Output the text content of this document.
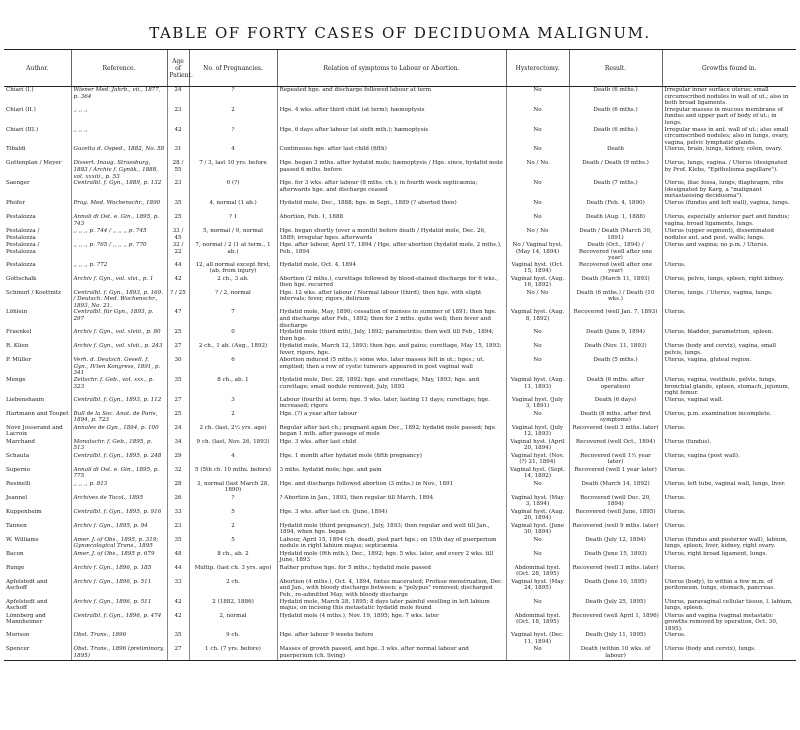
TABLE OF FORTY CASES OF DECIDUOMA MALIGNUM.
Author.	Reference.	Age of Patient.	No. of Pregnancies.	Relation of symptoms to Labour or Abortion.	Hysterectomy.	Result.	Growths found in.
Chiari (I.)	Wiener Med. Jahrb., vii., 1877, p. 364	24	?	Repeated hge. and discharge followed labour at term	No	Death (6 mths.)	Irregular inner surface uterus; small circumscribed nodules in wall of ut.; also in both broad ligaments.
Chiari (II.)	,, ,, ,,	23	2	Hge. 4 wks. after third child (at term); hæmoptysis	No	Death (6 mths.)	Irregular masses in mucous membrane of fundus and upper part of body of ut.; in lungs.
Chiari (III.)	,, ,, ,,	42	?	Hge. 6 days after labour (at sixth mth.); hæmoptysis	No	Death (6 mths.)	Irregular mass in ant. wall of ut.; also small circumscribed nodules; also in lungs, ovary, vagina, pelvic lymphatic glands.
Tibaldi	Gazetta d. Osped., 1882, No. 58	31	4	Continuous hge. after last child (fifth)	No	Death	Uterus, brain, lungs, kidney, colon, ovary.
Guttenplan / Meyer	Dissert. Inaug. Strassburg, 1883 / Archiv f. Gynäk., 1888, vol. xxxiii., p. 53	28 / 55	7 / 3, last 10 yrs. before	Hge. began 3 mths. after hydatid mole; hæmoptysis / Hge. since, hydatid mole passed 6 mths. before	No / No	Death / Death (9 mths.)	Uterus, lungs, vagina. / Uterus (designated by Prof. Klebs, "Epithelioma papillare").
Saenger	Centralbl. f. Gyn., 1889, p. 132	23	0 (?)	Hge. for 3 wks. after labour (8 mths. ch.); in fourth week septicæmia; afterwards hge. and discharge ceased	No	Death (7 mths.)	Uterus, iliac fossa, lungs, diaphragm, ribs (designated by Karg, a "malignant metastasising deciduoma").
Pfeifer	Prag. Med. Wochenschr., 1890	35	4, normal (1 ab.)	Hydatid mole, Dec., 1888; hge. in Sept., 1889 (? aborted then)	No	Death (Feb. 4, 1890)	Uterus (fundus and left wall), vagina, lungs.
Pestalozza	Annali di Ost. e. Gin., 1895, p. 743	25	? 1	Abortion, Feb. 1, 1888	No	Death (Aug. 1, 1888)	Uterus, especially anterior part and fundus; vagina, broad ligaments, lungs.
Pestalozza / Pestalozza	,, ,, ,, p. 744 / ,, ,, ,, p. 745	33 / 45	5, normal / 0, normal	Hge. began shortly (over a month) before death / Hydatid mole, Dec. 26, 1889; irregular hges. afterwards	No / No	Death / Death (March 30, 1891)	Uterus (upper segment), disseminated nodules ant. and post. walls; lungs.
Pestalozza / Pestalozza	,, ,, ,, p. 765 / ,, ,, ,, p. 770	32 / 22	7, normal / 2 (1 at term., 1 ab.)	Hge. after labour, April 17, 1894 / Hge. after abortion (hydatid mole, 2 mths.), Feb., 1894	No / Vaginal hyst. (May 14, 1894)	Death (Oct., 1894) / Recovered (well after one year)	Uterus and vagina; no p.m. / Uterus.
Pestalozza	,, ,, ,, p. 772	44	12, all normal except first, (ab. from injury)	Hydatid mole, Oct. 4, 1894	Vaginal hyst. (Oct. 15, 1894)	Recovered (well after one year)	Uterus.
Gottschalk	Archiv f. Gyn., vol. xlvi., p. 1	42	2 ch., 3 ab.	Abortion (2 mths.), curettage followed by blood-stained discharge for 6 wks., then hge. recurred	Vaginal hyst. (Aug. 16, 1892)	Death (March 11, 1893)	Uterus, pelvis, lungs, spleen, right kidney.
Schmorl / Koettnitz	Centralbl. f. Gyn., 1893, p. 169. / Deutsch. Med. Wochenschr., 1893, No. 21.	? / 25	? / 2, normal	Hge. 12 wks. after labour / Normal labour (third), then hge. with slight intervals; fever, rigors, delirium	No / No	Death (6 mths.) / Death (10 wks.)	Uterus, lungs. / Uterus, vagina, lungs.
Löhlein	Centralbl. für Gyn., 1893, p. 297	47	7	Hydatid mole, May, 1890; cessation of menses in summer of 1891; then hge. and discharge after Feb., 1892; then for 2 mths. quite well; then fever and discharge	Vaginal hyst. (Aug. 8, 1892)	Recovered (well Jan. 7, 1893)	Uterus.
Fraenkel	Archiv f. Gyn., vol. xlviii., p. 80	25	0	Hydatid mole (third mth), July, 1892; parametritis; then well till Feb., 1894; then hge.	No	Death (June 9, 1894)	Uterus, bladder, parametrium, spleen.
R. Klien	Archiv f. Gyn., vol. xlvii., p. 243	27	2 ch., 1 ab. (Aug., 1892)	Hydatid mole, March 12, 1893; then hge. and pains; curettage, May 15, 1893; fever, rigors, hge.	No	Death (Nov. 11, 1893)	Uterus (body and cervix), vagina, small pelvis, lungs.
P. Müller	Verh. d. Deutsch. Gesell. f. Gyn., IVten Kongress, 1891, p. 341	30	6	Abortion induced (5 mths.); some wks. later masses felt in ut.; hges.; ut. emptied; then a row of cystic tumours appeared in post vaginal wall	No	Death (5 mths.)	Uterus, vagina, gluteal region.
Menge	Zeitschr. f. Geb., vol. xxx., p. 323	35	8 ch., ab. 1	Hydatid mole, Dec. 28, 1892; hge. and curettage, May, 1893; hge. and curettage; small nodule removed, July, 1893	Vaginal hyst. (Aug. 11, 1893)	Death (6 mths. after operation)	Uterus, vagina, vestibule, pelvis, lungs, bronchial glands, spleen, stomach, jejunum, right femur.
Liebenshaum	Centralbl. f. Gyn., 1893, p. 112	27	3	Labour (fourth) at term; hge. 5 wks. later, lasting 11 days; curettage; hge. increased; rigors	Vaginal hyst. (July 3, 1891)	Death (6 days)	Uterus, vaginal wall.
Hartmann and Toupet	Bull de la Soc. Anat. de Paris, 1894, p. 723	25	2	Hge. (?) a year after labour	No	Death (8 mths. after first symptoms)	Uterus, p.m. examination incomplete.
Nové Josserand and Lacroix	Annales de Gyn., 1894, p. 100	24	2 ch. (last, 2½ yrs. ago)	Regular after last ch.; pregnant again Dec., 1892; hydatid mole passed; hge. began 1 mth. after passage of mole	Vaginal hyst. (July 12, 1893)	Recovered (well 3 mths. later)	Uterus.
Marchand	Monatschr. f. Geb., 1895, p. 513	34	9 ch. (last, Nov. 26, 1893)	Hge. 3 wks. after last child	Vaginal hyst. (April 20, 1894)	Recovered (well Oct., 1894)	Uterus (fundus).
Schauta	Centralbl. f. Gyn., 1895, p. 248	29	4	Hge. 1 month after hydatid mole (fifth pregnancy)	Vaginal hyst. (Nov. (?) 21, 1894)	Recovered (well 1½ year later)	Uterus, vagina (post wall).
Superno	Annali di Ost. e. Gin., 1895, p. 775	32	5 (5th ch. 10 mths. before)	3 mths. hydatid mole; hge. and pain	Vaginal hyst. (Sept. 14, 1892)	Recovered (well 1 year later)	Uterus.
Resinelli	,, ,, ,, p. 813	28	3, normal (last March 28, 1890)	Hge. and discharge followed abortion (3 mths.) in Nov., 1891	No	Death (March 14, 1892)	Uterus, left tube, vaginal wall, lungs, liver.
Jeannel	Archives de Tocol., 1895	26	?	? Abortion in Jan., 1893, then regular till March, 1894	Vaginal hyst. (May 3, 1894)	Recovered (well Dec. 20, 1894)	Uterus.
Kuppenheim	Centralbl. f. Gyn., 1895, p. 916	33	5	Hge. 3 wks. after last ch. (June, 1894)	Vaginal hyst. (Aug. 20, 1894)	Recovered (well June, 1895)	Uterus.
Tannen	Archiv f. Gyn., 1895, p. 94	23	2	Hydatid mole (third pregnancy), July, 1893; then regular and well till Jan., 1894, when hge. began	Vaginal hyst. (June 30, 1894)	Recovered (well 9 mths. later)	Uterus.
W. Williams	Amer. J. of Obs., 1895, p. 319; Gynæcological Trans., 1895	35	5	Labour, April 15, 1894 (ch. dead), post part hge.; on 15th day of puerperium nodule in right labium majus; septicæmia	No	Death (July 12, 1894)	Uterus (fundus and posterior wall), labium, lungs, spleen, liver, kidney, right ovary.
Bacon	Amer. J. of Obs., 1895 p. 679	48	8 ch., ab. 2	Hydatid mole (9th mth.), Dec., 1892; hge. 5 wks. later, and every 2 wks. till June, 1893	No	Death (June 15, 1893)	Uterus, right broad ligament, lungs.
Runge	Archiv f. Gyn., 1896, p. 185	44	Multip. (last ch. 3 yrs. ago)	Rather profuse hge. for 5 mths.; hydatid mole passed	Abdominal hyst. (Oct. 28, 1895)	Recovered (well 3 mths. later)	Uterus.
Apfelstedt and Aschoff	Archiv f. Gyn., 1896, p. 511	33	2 ch.	Abortion (4 mths.), Oct. 4, 1894, fœtus macerated; Profuse menstruation, Dec. and Jan., with bloody discharge between; a "polypus" removed; discharged Feb., re-admitted May, with bloody discharge	Vaginal hyst. (May 24, 1895)	Death (June 10, 1895)	Uterus (body), to within a few m.m. of peritoneum, lungs, stomach, pancreas.
Apfelstedt and Aschoff	Archiv f. Gyn., 1896, p. 511	42	2 (1882, 1886)	Hydatid mole, March 28, 1895; 8 days later painful swelling in left labium majus; on incising this metastatic hydatid mole found	No	Death (July 25, 1895)	Uterus, paravaginal cellular tissue, l. labium, lungs, spleen.
Lönnberg and Mannheimer	Centralbl. f. Gyn., 1896, p. 474	42	2, normal	Hydatid mole (4 mths.), Nov. 19, 1895; hge. 7 wks. later	Abdominal hyst. (Oct. 18, 1895)	Recovered (well April 1, 1896)	Uterus and vagina (vaginal metastatic growths removed by operation, Oct. 30, 1895).
Morison	Obst. Trans., 1896	35	9 ch.	Hge. after labour 9 weeks before	Vaginal hyst. (Dec. 11, 1894)	Death (July 11, 1895)	Uterus.
Spencer	Obst. Trans., 1896 (preliminary, 1895)	27	1 ch. (7 yrs. before)	Masses of growth passed, and hge. 3 wks. after normal labour and puerperium (ch. living)	No	Death (within 10 wks. of labour)	Uterus (body and cervix), lungs.
